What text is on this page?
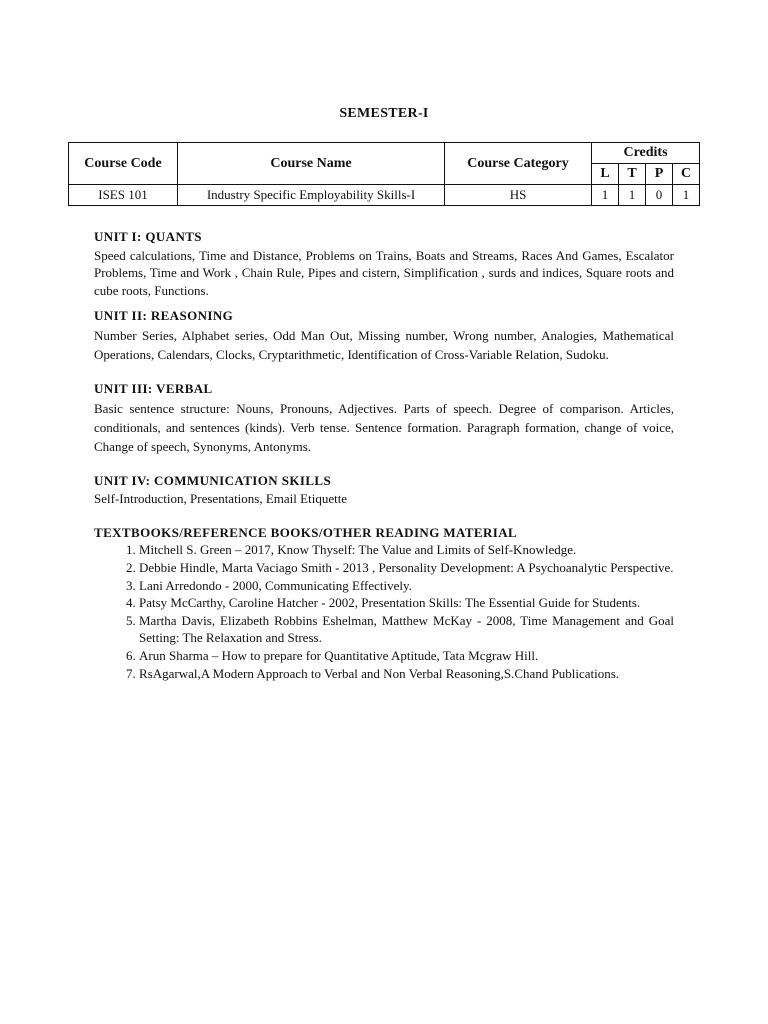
SEMESTER-I
Course Code	Course Name	Course Category	Credits			
			L	T	P	C
ISES 101	Industry Specific Employability Skills-I	HS	1	1	0	1

UNIT I: QUANTS

Speed calculations, Time and Distance, Problems on Trains, Boats and Streams, Races And Games, Escalator Problems, Time and Work , Chain Rule, Pipes and cistern, Simplification , surds and indices, Square roots and cube roots, Functions.

UNIT II: REASONING

Number Series, Alphabet series, Odd Man Out, Missing number, Wrong number, Analogies, Mathematical Operations, Calendars, Clocks, Cryptarithmetic, Identification of Cross-Variable Relation, Sudoku.

UNIT III: VERBAL

Basic sentence structure: Nouns, Pronouns, Adjectives. Parts of speech. Degree of comparison. Articles, conditionals, and sentences (kinds). Verb tense. Sentence formation. Paragraph formation, change of voice, Change of speech, Synonyms, Antonyms.

UNIT IV: COMMUNICATION SKILLS

Self-Introduction, Presentations, Email Etiquette

TEXTBOOKS/REFERENCE BOOKS/OTHER READING MATERIAL

1. Mitchell S. Green – 2017, Know Thyself: The Value and Limits of Self-Knowledge.
2. Debbie Hindle, Marta Vaciago Smith - 2013 , Personality Development: A Psychoanalytic Perspective.
3. Lani Arredondo - 2000, Communicating Effectively.
4. Patsy McCarthy, Caroline Hatcher - 2002, Presentation Skills: The Essential Guide for Students.
5. Martha Davis, Elizabeth Robbins Eshelman, Matthew McKay - 2008, Time Management and Goal Setting: The Relaxation and Stress.
6. Arun Sharma – How to prepare for Quantitative Aptitude, Tata Mcgraw Hill.
7. RsAgarwal,A Modern Approach to Verbal and Non Verbal Reasoning,S.Chand Publications.
